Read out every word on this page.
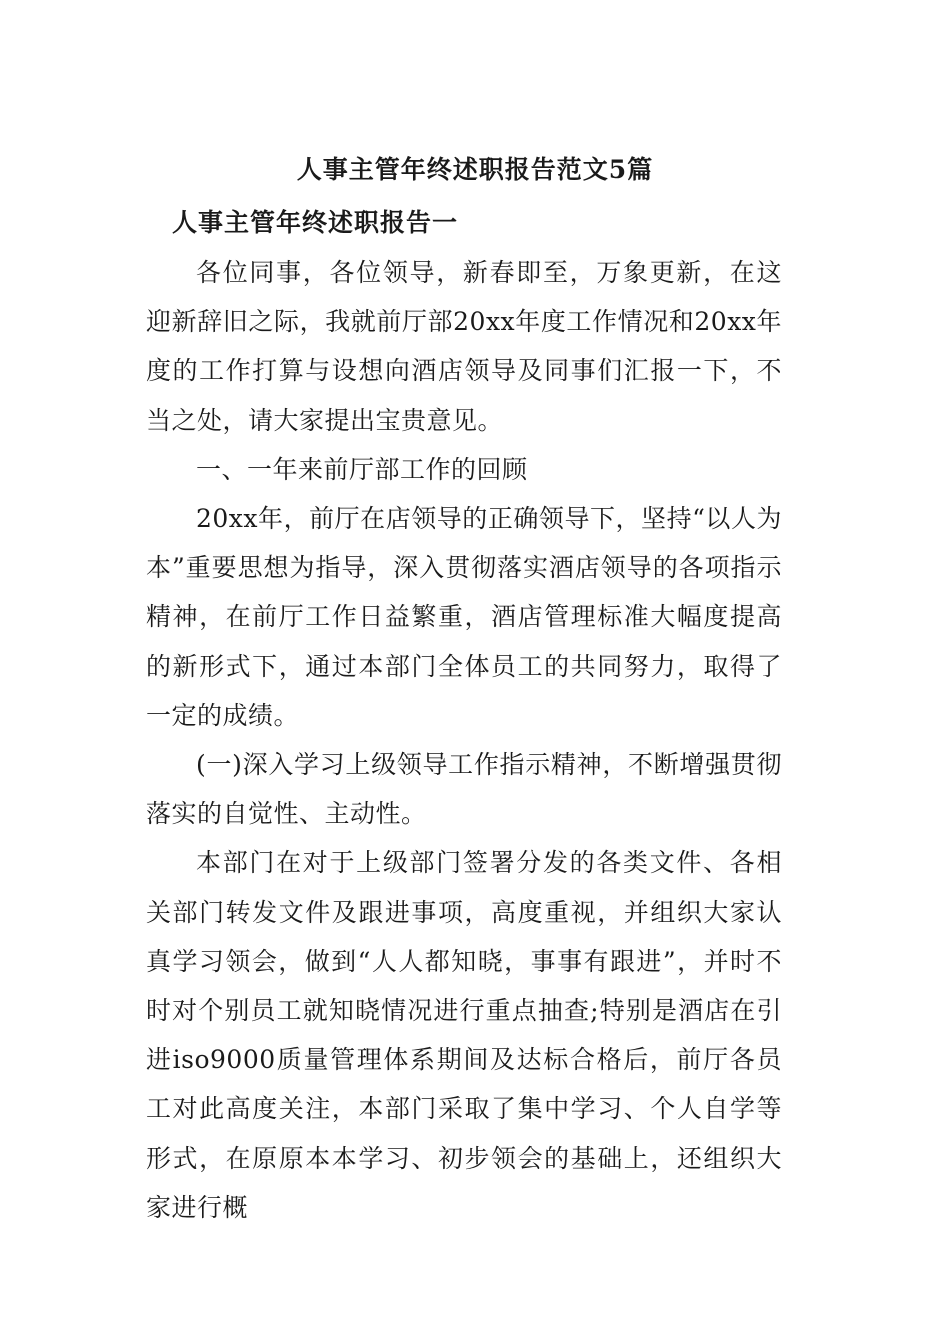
人事主管年终述职报告范文5篇
人事主管年终述职报告一

各位同事，各位领导，新春即至，万象更新，在这迎新辞旧之际，我就前厅部20xx年度工作情况和20xx年度的工作打算与设想向酒店领导及同事们汇报一下，不当之处，请大家提出宝贵意见。

一、一年来前厅部工作的回顾

20xx年，前厅在店领导的正确领导下，坚持“以人为本”重要思想为指导，深入贯彻落实酒店领导的各项指示精神，在前厅工作日益繁重，酒店管理标准大幅度提高的新形式下，通过本部门全体员工的共同努力，取得了一定的成绩。

(一)深入学习上级领导工作指示精神，不断增强贯彻落实的自觉性、主动性。

本部门在对于上级部门签署分发的各类文件、各相关部门转发文件及跟进事项，高度重视，并组织大家认真学习领会，做到“人人都知晓，事事有跟进”，并时不时对个别员工就知晓情况进行重点抽查;特别是酒店在引进iso9000质量管理体系期间及达标合格后，前厅各员工对此高度关注，本部门采取了集中学习、个人自学等形式，在原原本本学习、初步领会的基础上，还组织大家进行概
